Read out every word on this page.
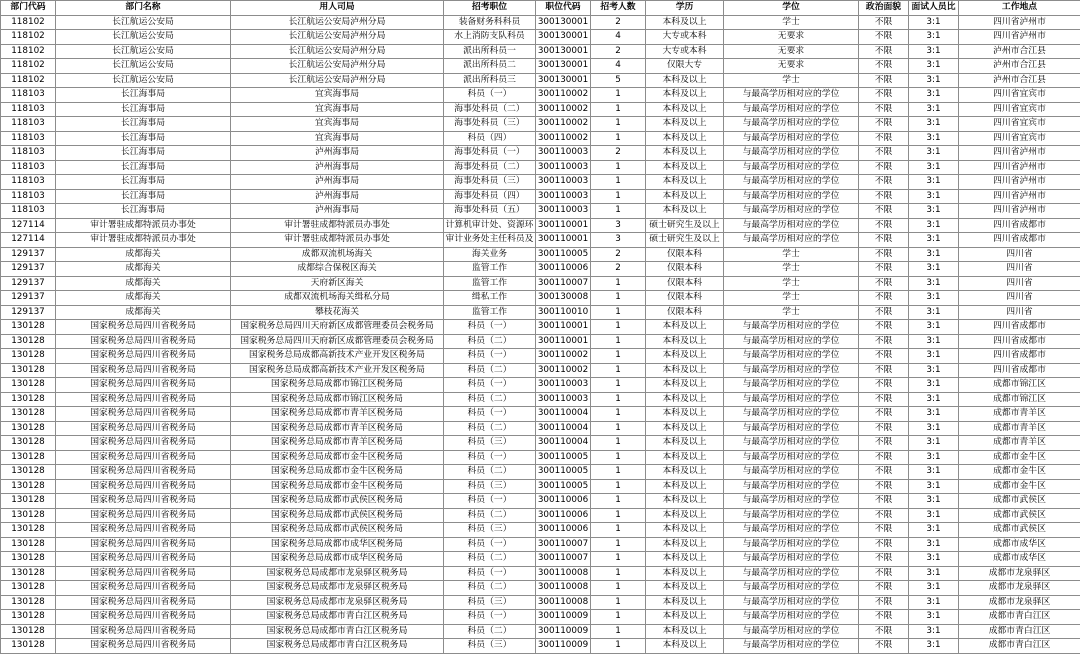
部门代码	部门名称	用人司局	招考职位	职位代码	招考人数	学历	学位	政治面貌	面试人员比	工作地点
118102	长江航运公安局	长江航运公安局泸州分局	装备财务科科员	300130001	2	本科及以上	学士	不限	3:1	四川省泸州市
118102	长江航运公安局	长江航运公安局泸州分局	水上消防支队科员	300130001	4	大专或本科	无要求	不限	3:1	四川省泸州市
118102	长江航运公安局	长江航运公安局泸州分局	派出所科员一	300130001	2	大专或本科	无要求	不限	3:1	泸州市合江县
118102	长江航运公安局	长江航运公安局泸州分局	派出所科员二	300130001	4	仅限大专	无要求	不限	3:1	泸州市合江县
118102	长江航运公安局	长江航运公安局泸州分局	派出所科员三	300130001	5	本科及以上	学士	不限	3:1	泸州市合江县
118103	长江海事局	宜宾海事局	科员（一）	300110002	1	本科及以上	与最高学历相对应的学位	不限	3:1	四川省宜宾市
118103	长江海事局	宜宾海事局	海事处科员（二）	300110002	1	本科及以上	与最高学历相对应的学位	不限	3:1	四川省宜宾市
118103	长江海事局	宜宾海事局	海事处科员（三）	300110002	1	本科及以上	与最高学历相对应的学位	不限	3:1	四川省宜宾市
118103	长江海事局	宜宾海事局	科员（四）	300110002	1	本科及以上	与最高学历相对应的学位	不限	3:1	四川省宜宾市
118103	长江海事局	泸州海事局	海事处科员（一）	300110003	2	本科及以上	与最高学历相对应的学位	不限	3:1	四川省泸州市
118103	长江海事局	泸州海事局	海事处科员（二）	300110003	1	本科及以上	与最高学历相对应的学位	不限	3:1	四川省泸州市
118103	长江海事局	泸州海事局	海事处科员（三）	300110003	1	本科及以上	与最高学历相对应的学位	不限	3:1	四川省泸州市
118103	长江海事局	泸州海事局	海事处科员（四）	300110003	1	本科及以上	与最高学历相对应的学位	不限	3:1	四川省泸州市
118103	长江海事局	泸州海事局	海事处科员（五）	300110003	1	本科及以上	与最高学历相对应的学位	不限	3:1	四川省泸州市
127114	审计署驻成都特派员办事处	审计署驻成都特派员办事处	计算机审计处、资源环	300110001	3	硕士研究生及以上	与最高学历相对应的学位	不限	3:1	四川省成都市
127114	审计署驻成都特派员办事处	审计署驻成都特派员办事处	审计业务处主任科员及	300110001	3	硕士研究生及以上	与最高学历相对应的学位	不限	3:1	四川省成都市
129137	成都海关	成都双流机场海关	海关业务	300110005	2	仅限本科	学士	不限	3:1	四川省
129137	成都海关	成都综合保税区海关	监管工作	300110006	2	仅限本科	学士	不限	3:1	四川省
129137	成都海关	天府新区海关	监管工作	300110007	1	仅限本科	学士	不限	3:1	四川省
129137	成都海关	成都双流机场海关缉私分局	缉私工作	300130008	1	仅限本科	学士	不限	3:1	四川省
129137	成都海关	攀枝花海关	监管工作	300110010	1	仅限本科	学士	不限	3:1	四川省
130128	国家税务总局四川省税务局	国家税务总局四川天府新区成都管理委员会税务局	科员（一）	300110001	1	本科及以上	与最高学历相对应的学位	不限	3:1	四川省成都市
130128	国家税务总局四川省税务局	国家税务总局四川天府新区成都管理委员会税务局	科员（二）	300110001	1	本科及以上	与最高学历相对应的学位	不限	3:1	四川省成都市
130128	国家税务总局四川省税务局	国家税务总局成都高新技术产业开发区税务局	科员（一）	300110002	1	本科及以上	与最高学历相对应的学位	不限	3:1	四川省成都市
130128	国家税务总局四川省税务局	国家税务总局成都高新技术产业开发区税务局	科员（二）	300110002	1	本科及以上	与最高学历相对应的学位	不限	3:1	四川省成都市
130128	国家税务总局四川省税务局	国家税务总局成都市锦江区税务局	科员（一）	300110003	1	本科及以上	与最高学历相对应的学位	不限	3:1	成都市锦江区
130128	国家税务总局四川省税务局	国家税务总局成都市锦江区税务局	科员（二）	300110003	1	本科及以上	与最高学历相对应的学位	不限	3:1	成都市锦江区
130128	国家税务总局四川省税务局	国家税务总局成都市青羊区税务局	科员（一）	300110004	1	本科及以上	与最高学历相对应的学位	不限	3:1	成都市青羊区
130128	国家税务总局四川省税务局	国家税务总局成都市青羊区税务局	科员（二）	300110004	1	本科及以上	与最高学历相对应的学位	不限	3:1	成都市青羊区
130128	国家税务总局四川省税务局	国家税务总局成都市青羊区税务局	科员（三）	300110004	1	本科及以上	与最高学历相对应的学位	不限	3:1	成都市青羊区
130128	国家税务总局四川省税务局	国家税务总局成都市金牛区税务局	科员（一）	300110005	1	本科及以上	与最高学历相对应的学位	不限	3:1	成都市金牛区
130128	国家税务总局四川省税务局	国家税务总局成都市金牛区税务局	科员（二）	300110005	1	本科及以上	与最高学历相对应的学位	不限	3:1	成都市金牛区
130128	国家税务总局四川省税务局	国家税务总局成都市金牛区税务局	科员（三）	300110005	1	本科及以上	与最高学历相对应的学位	不限	3:1	成都市金牛区
130128	国家税务总局四川省税务局	国家税务总局成都市武侯区税务局	科员（一）	300110006	1	本科及以上	与最高学历相对应的学位	不限	3:1	成都市武侯区
130128	国家税务总局四川省税务局	国家税务总局成都市武侯区税务局	科员（二）	300110006	1	本科及以上	与最高学历相对应的学位	不限	3:1	成都市武侯区
130128	国家税务总局四川省税务局	国家税务总局成都市武侯区税务局	科员（三）	300110006	1	本科及以上	与最高学历相对应的学位	不限	3:1	成都市武侯区
130128	国家税务总局四川省税务局	国家税务总局成都市成华区税务局	科员（一）	300110007	1	本科及以上	与最高学历相对应的学位	不限	3:1	成都市成华区
130128	国家税务总局四川省税务局	国家税务总局成都市成华区税务局	科员（二）	300110007	1	本科及以上	与最高学历相对应的学位	不限	3:1	成都市成华区
130128	国家税务总局四川省税务局	国家税务总局成都市龙泉驿区税务局	科员（一）	300110008	1	本科及以上	与最高学历相对应的学位	不限	3:1	成都市龙泉驿区
130128	国家税务总局四川省税务局	国家税务总局成都市龙泉驿区税务局	科员（二）	300110008	1	本科及以上	与最高学历相对应的学位	不限	3:1	成都市龙泉驿区
130128	国家税务总局四川省税务局	国家税务总局成都市龙泉驿区税务局	科员（三）	300110008	1	本科及以上	与最高学历相对应的学位	不限	3:1	成都市龙泉驿区
130128	国家税务总局四川省税务局	国家税务总局成都市青白江区税务局	科员（一）	300110009	1	本科及以上	与最高学历相对应的学位	不限	3:1	成都市青白江区
130128	国家税务总局四川省税务局	国家税务总局成都市青白江区税务局	科员（二）	300110009	1	本科及以上	与最高学历相对应的学位	不限	3:1	成都市青白江区
130128	国家税务总局四川省税务局	国家税务总局成都市青白江区税务局	科员（三）	300110009	1	本科及以上	与最高学历相对应的学位	不限	3:1	成都市青白江区
